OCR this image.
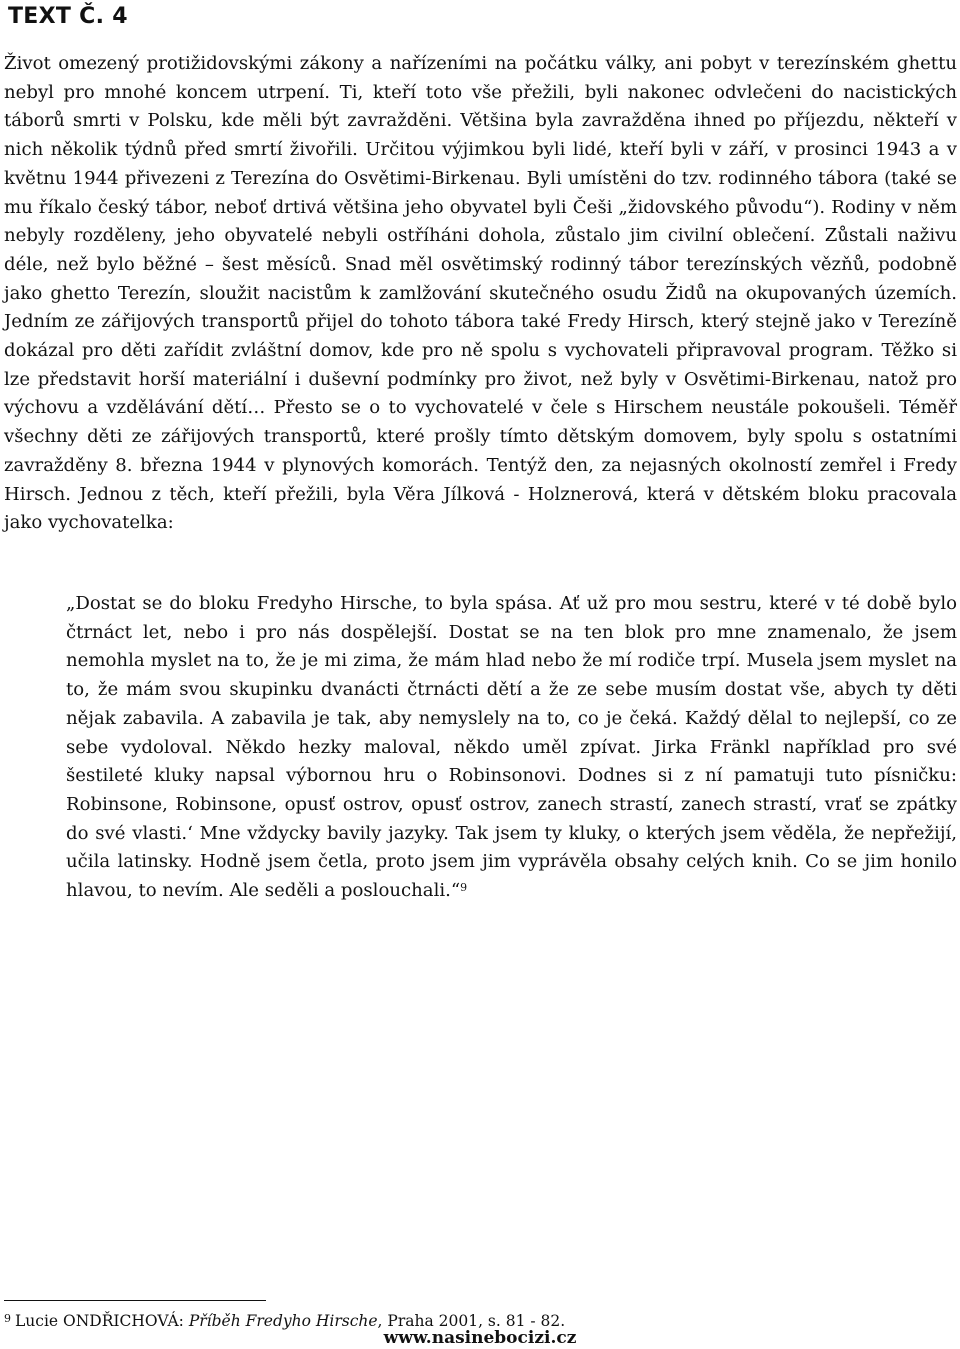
TEXT Č. 4

Život omezený protižidovskými zákony a nařízeními na počátku války, ani pobyt v terezínském ghettu nebyl pro mnohé koncem utrpení. Ti, kteří toto vše přežili, byli nakonec odvlečeni do nacistických táborů smrti v Polsku, kde měli být zavražděni. Většina byla zavražděna ihned po příjezdu, někteří v nich několik týdnů před smrtí živořili. Určitou výjimkou byli lidé, kteří byli v září, v prosinci 1943 a v květnu 1944 přivezeni z Terezína do Osvětimi-Birkenau. Byli umístěni do tzv. rodinného tábora (také se mu říkalo český tábor, neboť drtivá většina jeho obyvatel byli Češi „židovského původu“). Rodiny v něm nebyly rozděleny, jeho obyvatelé nebyli ostříháni dohola, zůstalo jim civilní oblečení. Zůstali naživu déle, než bylo běžné – šest měsíců. Snad měl osvětimský rodinný tábor terezínských vězňů, podobně jako ghetto Terezín, sloužit nacistům k zamlžování skutečného osudu Židů na okupovaných územích. Jedním ze zářijových transportů přijel do tohoto tábora také Fredy Hirsch, který stejně jako v Terezíně dokázal pro děti zařídit zvláštní domov, kde pro ně spolu s vychovateli připravoval program. Těžko si lze představit horší materiální i duševní podmínky pro život, než byly v Osvětimi-Birkenau, natož pro výchovu a vzdělávání dětí… Přesto se o to vychovatelé v čele s Hirschem neustále pokoušeli. Téměř všechny děti ze zářijových transportů, které prošly tímto dětským domovem, byly spolu s ostatními zavražděny 8. března 1944 v plynových komorách. Tentýž den, za nejasných okolností zemřel i Fredy Hirsch. Jednou z těch, kteří přežili, byla Věra Jílková - Holznerová, která v dětském bloku pracovala jako vychovatelka:

„Dostat se do bloku Fredyho Hirsche, to byla spása. Ať už pro mou sestru, které v té době bylo čtrnáct let, nebo i pro nás dospělejší. Dostat se na ten blok pro mne znamenalo, že jsem nemohla myslet na to, že je mi zima, že mám hlad nebo že mí rodiče trpí. Musela jsem myslet na to, že mám svou skupinku dvanácti čtrnácti dětí a že ze sebe musím dostat vše, abych ty děti nějak zabavila. A zabavila je tak, aby nemyslely na to, co je čeká. Každý dělal to nejlepší, co ze sebe vydoloval. Někdo hezky maloval, někdo uměl zpívat. Jirka Fränkl například pro své šestileté kluky napsal výbornou hru o Robinsonovi. Dodnes si z ní pamatuji tuto písničku: Robinsone, Robinsone, opusť ostrov, opusť ostrov, zanech strastí, zanech strastí, vrať se zpátky do své vlasti.‘ Mne vždycky bavily jazyky. Tak jsem ty kluky, o kterých jsem věděla, že nepřežijí, učila latinsky. Hodně jsem četla, proto jsem jim vyprávěla obsahy celých knih. Co se jim honilo hlavou, to nevím. Ale seděli a poslouchali.“$^9$

$^9$ Lucie ONDŘICHOVÁ: Příběh Fredyho Hirsche, Praha 2001, s. 81 - 82.

www.nasinebocizi.cz
